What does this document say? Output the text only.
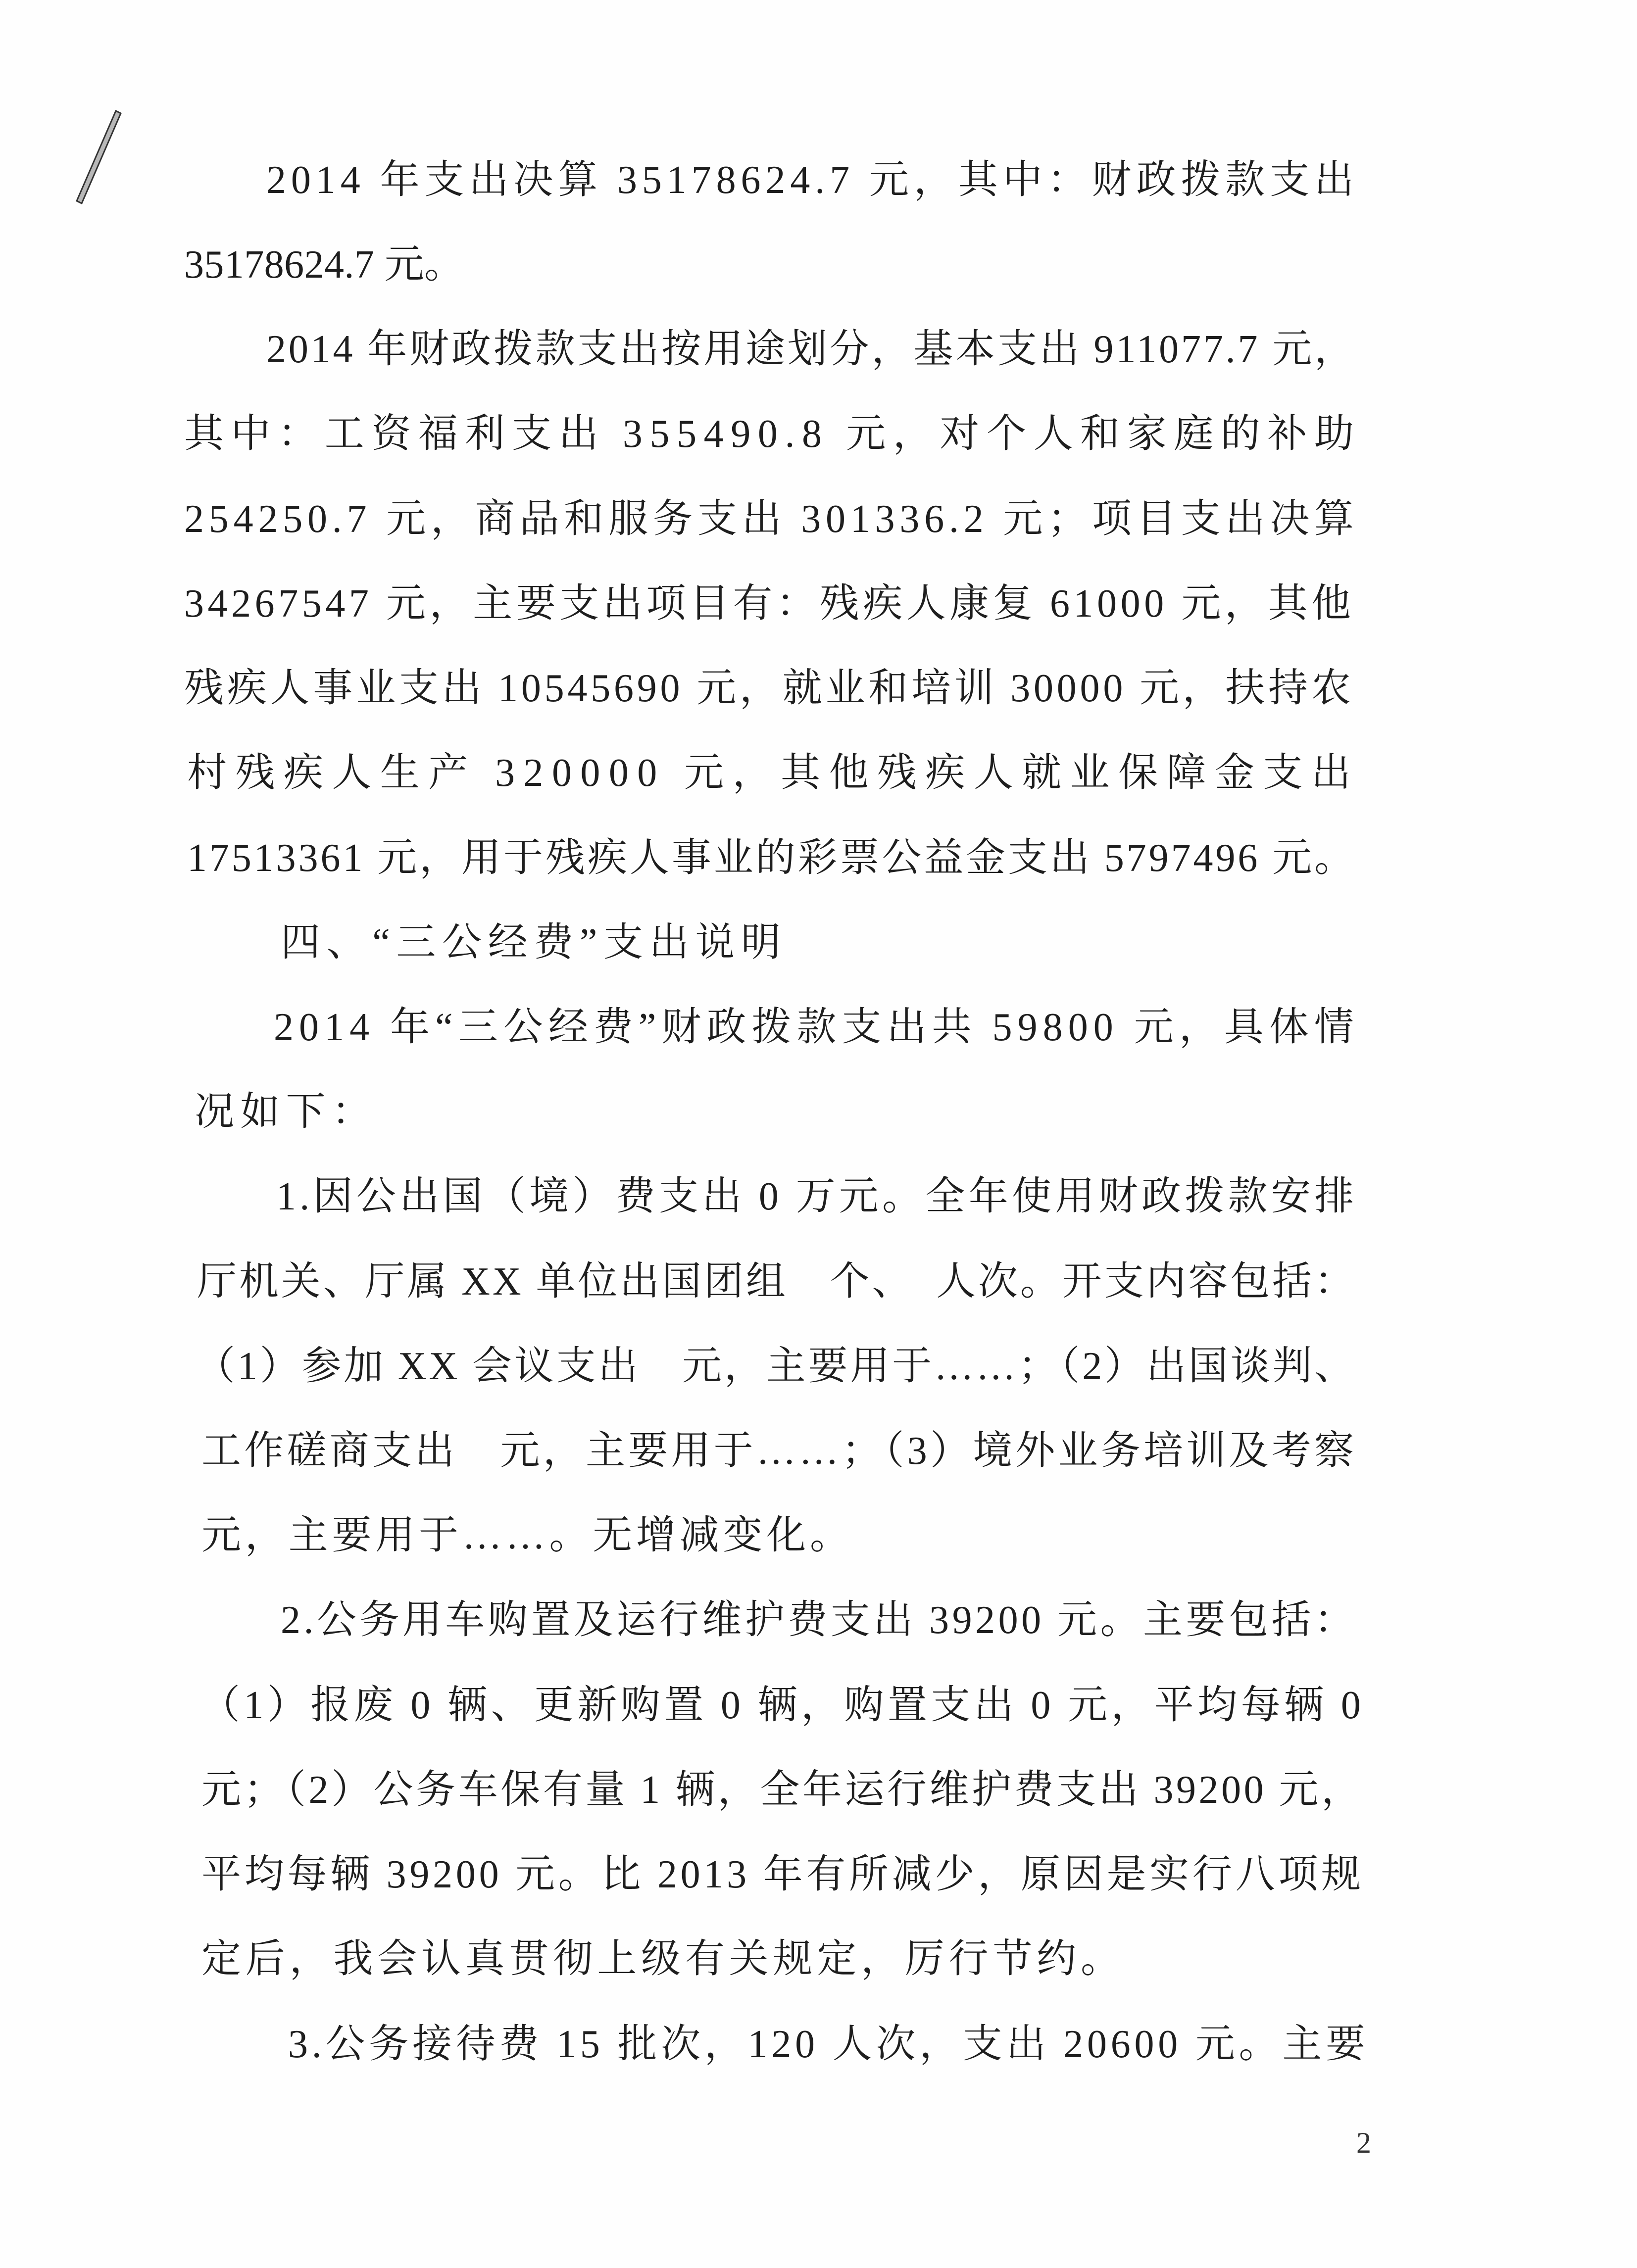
2014 年支出决算 35178624.7 元，其中：财政拨款支出
35178624.7 元。
2014 年财政拨款支出按用途划分，基本支出 911077.7 元，
其中：工资福利支出 355490.8 元，对个人和家庭的补助
254250.7 元，商品和服务支出 301336.2 元；项目支出决算
34267547 元，主要支出项目有：残疾人康复 61000 元，其他
残疾人事业支出 10545690 元，就业和培训 30000 元，扶持农
村残疾人生产 320000 元，其他残疾人就业保障金支出
17513361 元，用于残疾人事业的彩票公益金支出 5797496 元。
四、“三公经费”支出说明
2014 年“三公经费”财政拨款支出共 59800 元，具体情
况如下：
1.因公出国（境）费支出 0 万元。全年使用财政拨款安排
厅机关、厅属 XX 单位出国团组　个、　人次。开支内容包括：
（1）参加 XX 会议支出　元，主要用于……；（2）出国谈判、
工作磋商支出　元，主要用于……；（3）境外业务培训及考察
元，主要用于……。无增减变化。
2.公务用车购置及运行维护费支出 39200 元。主要包括：
（1）报废 0 辆、更新购置 0 辆，购置支出 0 元，平均每辆 0
元；（2）公务车保有量 1 辆，全年运行维护费支出 39200 元，
平均每辆 39200 元。比 2013 年有所减少，原因是实行八项规
定后，我会认真贯彻上级有关规定，厉行节约。
3.公务接待费 15 批次，120 人次，支出 20600 元。主要
2
